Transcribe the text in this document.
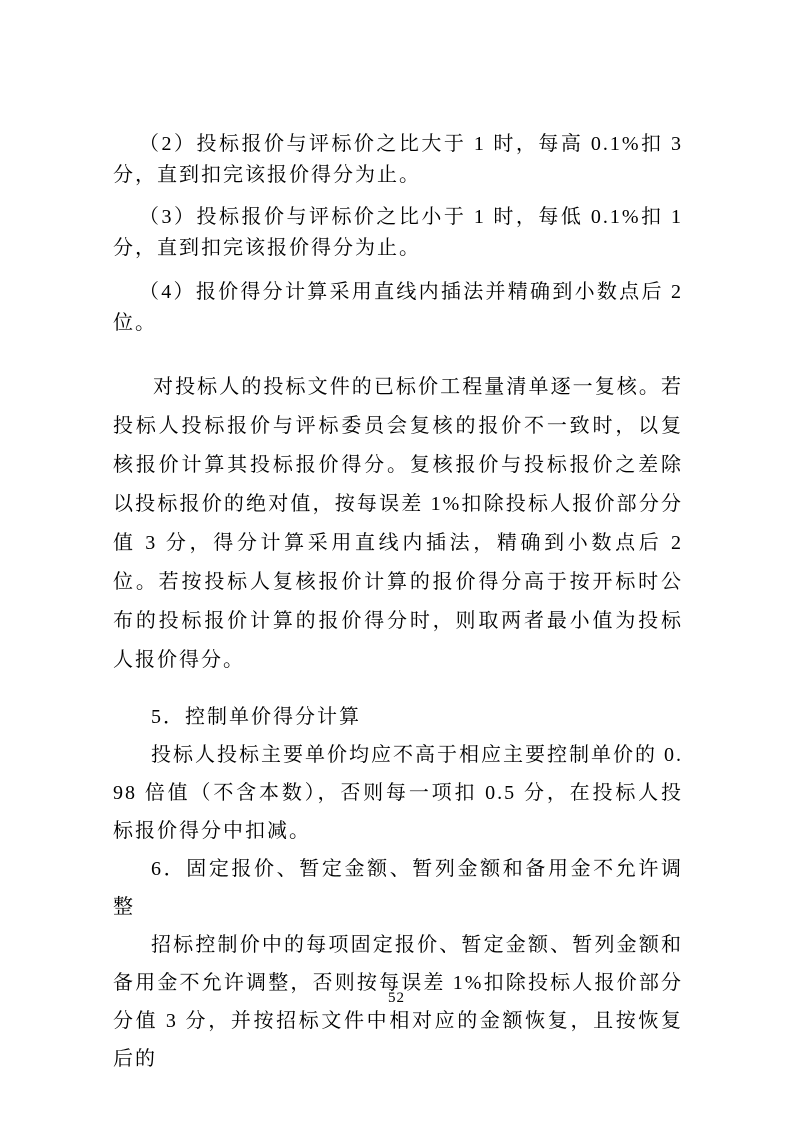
（2）投标报价与评标价之比大于 1 时，每高 0.1%扣 3 分，直到扣完该报价得分为止。

（3）投标报价与评标价之比小于 1 时，每低 0.1%扣 1 分，直到扣完该报价得分为止。

（4）报价得分计算采用直线内插法并精确到小数点后 2 位。

对投标人的投标文件的已标价工程量清单逐一复核。若投标人投标报价与评标委员会复核的报价不一致时，以复核报价计算其投标报价得分。复核报价与投标报价之差除以投标报价的绝对值，按每误差 1%扣除投标人报价部分分值 3 分，得分计算采用直线内插法，精确到小数点后 2 位。若按投标人复核报价计算的报价得分高于按开标时公布的投标报价计算的报价得分时，则取两者最小值为投标人报价得分。

5．控制单价得分计算

投标人投标主要单价均应不高于相应主要控制单价的 0.98 倍值（不含本数），否则每一项扣 0.5 分，在投标人投标报价得分中扣减。

6．固定报价、暂定金额、暂列金额和备用金不允许调整

招标控制价中的每项固定报价、暂定金额、暂列金额和备用金不允许调整，否则按每误差 1%扣除投标人报价部分分值 3 分，并按招标文件中相对应的金额恢复，且按恢复后的

52
